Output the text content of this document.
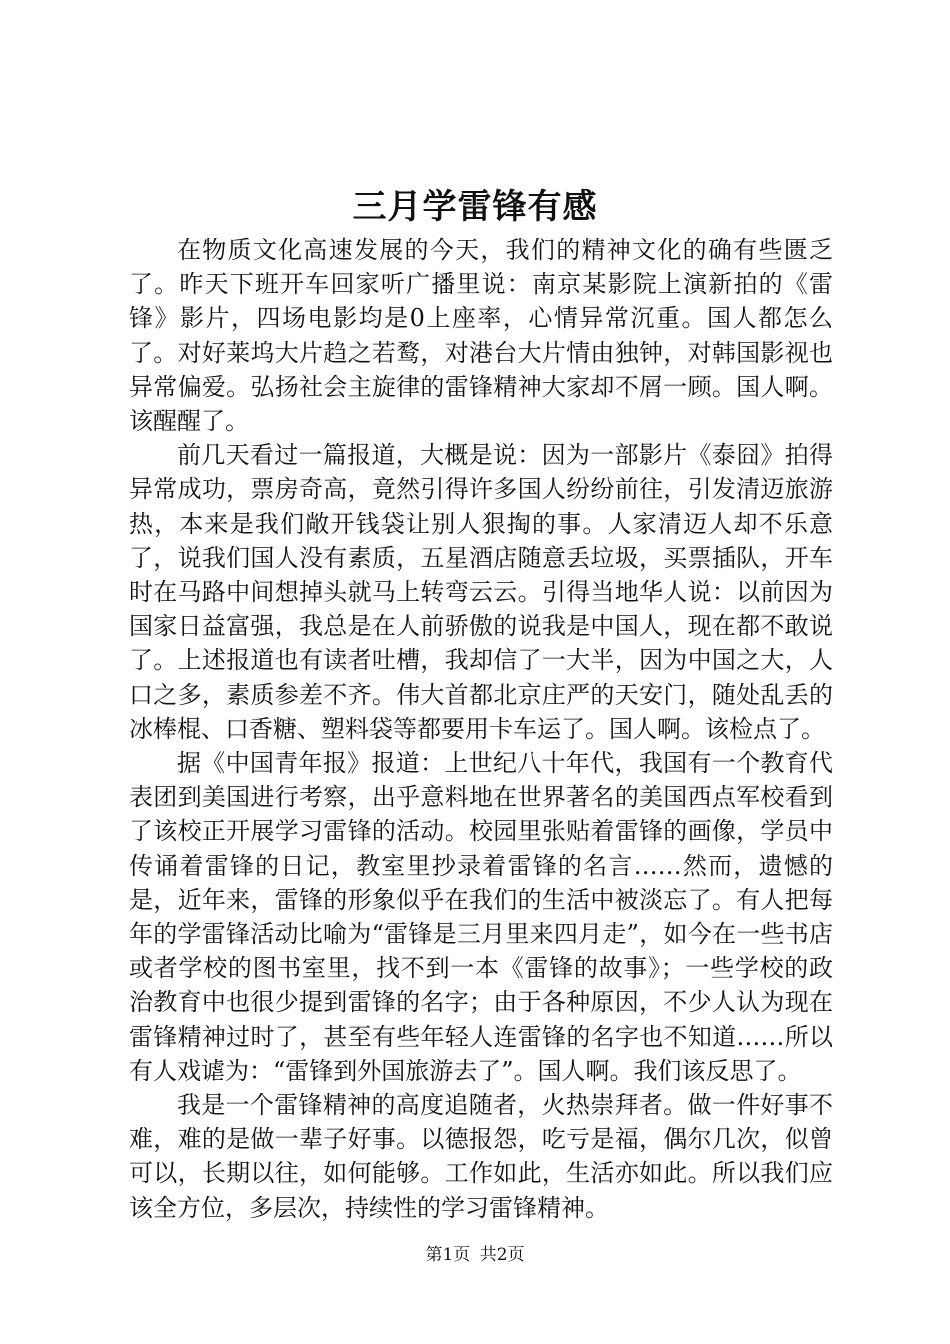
三月学雷锋有感

在物质文化高速发展的今天，我们的精神文化的确有些匮乏了。昨天下班开车回家听广播里说：南京某影院上演新拍的《雷锋》影片，四场电影均是0上座率，心情异常沉重。国人都怎么了。对好莱坞大片趋之若鹜，对港台大片情由独钟，对韩国影视也异常偏爱。弘扬社会主旋律的雷锋精神大家却不屑一顾。国人啊。该醒醒了。

前几天看过一篇报道，大概是说：因为一部影片《泰囧》拍得异常成功，票房奇高，竟然引得许多国人纷纷前往，引发清迈旅游热，本来是我们敞开钱袋让别人狠掏的事。人家清迈人却不乐意了，说我们国人没有素质，五星酒店随意丢垃圾，买票插队，开车时在马路中间想掉头就马上转弯云云。引得当地华人说：以前因为国家日益富强，我总是在人前骄傲的说我是中国人，现在都不敢说了。上述报道也有读者吐槽，我却信了一大半，因为中国之大，人口之多，素质参差不齐。伟大首都北京庄严的天安门，随处乱丢的冰棒棍、口香糖、塑料袋等都要用卡车运了。国人啊。该检点了。

据《中国青年报》报道：上世纪八十年代，我国有一个教育代表团到美国进行考察，出乎意料地在世界著名的美国西点军校看到了该校正开展学习雷锋的活动。校园里张贴着雷锋的画像，学员中传诵着雷锋的日记，教室里抄录着雷锋的名言……然而，遗憾的是，近年来，雷锋的形象似乎在我们的生活中被淡忘了。有人把每年的学雷锋活动比喻为“雷锋是三月里来四月走”，如今在一些书店或者学校的图书室里，找不到一本《雷锋的故事》；一些学校的政治教育中也很少提到雷锋的名字；由于各种原因，不少人认为现在雷锋精神过时了，甚至有些年轻人连雷锋的名字也不知道……所以有人戏谑为：“雷锋到外国旅游去了”。国人啊。我们该反思了。

我是一个雷锋精神的高度追随者，火热崇拜者。做一件好事不难，难的是做一辈子好事。以德报怨，吃亏是福，偶尔几次，似曾可以，长期以往，如何能够。工作如此，生活亦如此。所以我们应该全方位，多层次，持续性的学习雷锋精神。

第1页 共2页
